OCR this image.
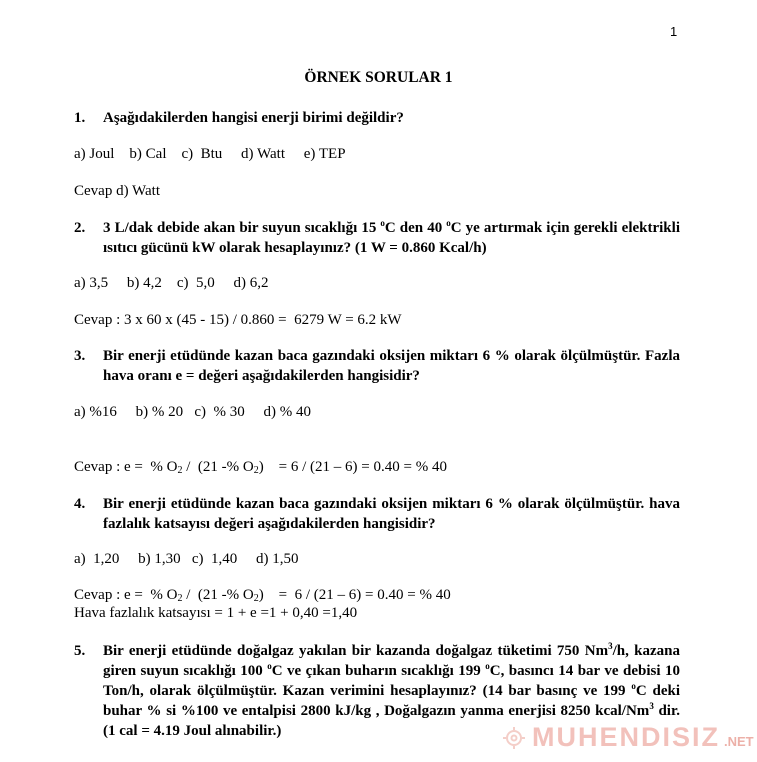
1
ÖRNEK SORULAR 1
1. Aşağıdakilerden hangisi enerji birimi değildir?
a) Joul    b) Cal    c)  Btu     d) Watt     e) TEP
Cevap d) Watt
2. 3 L/dak debide akan bir suyun sıcaklığı 15 $^o$C den 40 $^o$C ye artırmak için gerekli elektrikli ısıtıcı gücünü kW olarak hesaplayınız? (1 W = 0.860 Kcal/h)
a) 3,5     b) 4,2    c)  5,0     d) 6,2
Cevap : 3 x 60 x (45 - 15) / 0.860 =  6279 W = 6.2 kW
3. Bir enerji etüdünde kazan baca gazındaki oksijen miktarı 6 % olarak ölçülmüştür. Fazla hava oranı e = değeri aşağıdakilerden hangisidir?
a) %16     b) % 20   c)  % 30     d) % 40
Cevap : e =  % $O_2 / (21$ -% $O_2$)    = 6 / (21 – 6) = 0.40 = % 40
4. Bir enerji etüdünde kazan baca gazındaki oksijen miktarı 6 % olarak ölçülmüştür. hava fazlalık katsayısı değeri aşağıdakilerden hangisidir?
a)  1,20     b) 1,30   c)  1,40     d) 1,50
Cevap : e =  % $O_2 / (21$ -% $O_2$)    =  6 / (21 – 6) = 0.40 = % 40
Hava fazlalık katsayısı = 1 + e =1 + 0,40 =1,40
5. Bir enerji etüdünde doğalgaz yakılan bir kazanda doğalgaz tüketimi 750 Nm$^3$/h, kazana giren suyun sıcaklığı 100 $^o$C ve çıkan buharın sıcaklığı 199 $^o$C, basıncı 14 bar ve debisi 10 Ton/h, olarak ölçülmüştür. Kazan verimini hesaplayınız? (14 bar basınç ve 199 $^o$C deki buhar % si %100 ve entalpisi 2800 kJ/kg , Doğalgazın yanma enerjisi 8250 kcal/Nm$^3$ dir. (1 cal = 4.19 Joul alınabilir.)	MUHENDISIZ .NET
